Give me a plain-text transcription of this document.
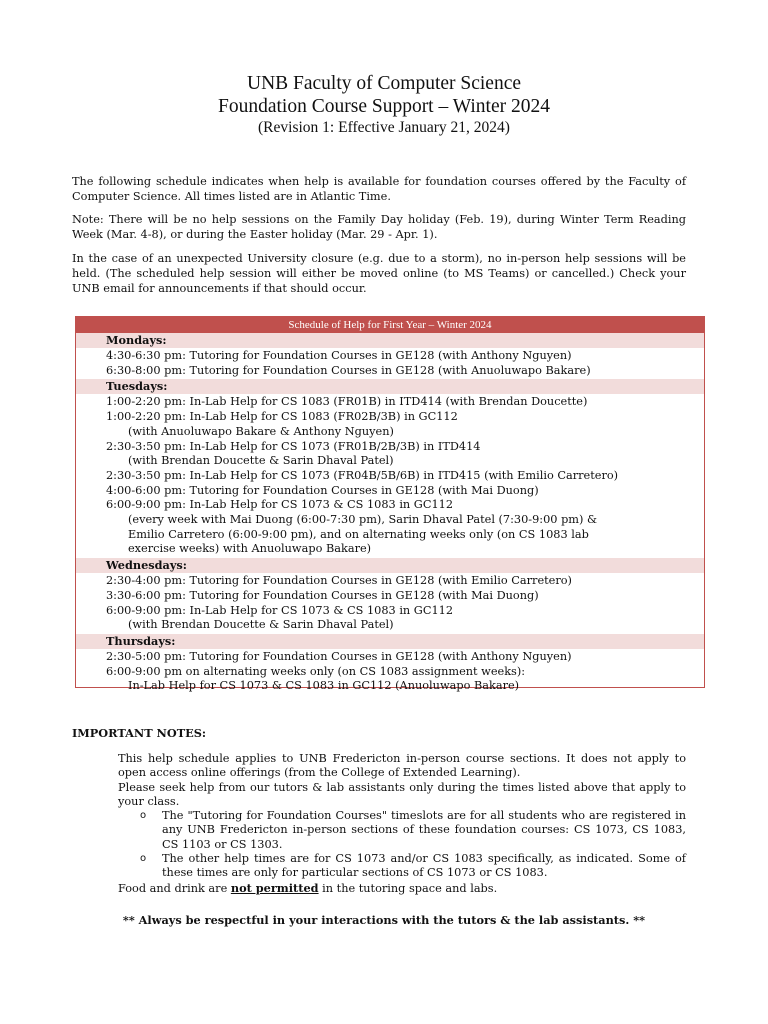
UNB Faculty of Computer Science
Foundation Course Support – Winter 2024
(Revision 1: Effective January 21, 2024)
The following schedule indicates when help is available for foundation courses offered by the Faculty of Computer Science. All times listed are in Atlantic Time.
Note: There will be no help sessions on the Family Day holiday (Feb. 19), during Winter Term Reading Week (Mar. 4-8), or during the Easter holiday (Mar. 29 - Apr. 1).
In the case of an unexpected University closure (e.g. due to a storm), no in-person help sessions will be held. (The scheduled help session will either be moved online (to MS Teams) or cancelled.) Check your UNB email for announcements if that should occur.
Schedule of Help for First Year – Winter 2024
Mondays:
4:30-6:30 pm: Tutoring for Foundation Courses in GE128 (with Anthony Nguyen)
6:30-8:00 pm: Tutoring for Foundation Courses in GE128 (with Anuoluwapo Bakare)
Tuesdays:
1:00-2:20 pm: In-Lab Help for CS 1083 (FR01B) in ITD414 (with Brendan Doucette)
1:00-2:20 pm: In-Lab Help for CS 1083 (FR02B/3B) in GC112
(with Anuoluwapo Bakare & Anthony Nguyen)
2:30-3:50 pm: In-Lab Help for CS 1073 (FR01B/2B/3B) in ITD414
(with Brendan Doucette & Sarin Dhaval Patel)
2:30-3:50 pm: In-Lab Help for CS 1073 (FR04B/5B/6B) in ITD415 (with Emilio Carretero)
4:00-6:00 pm: Tutoring for Foundation Courses in GE128 (with Mai Duong)
6:00-9:00 pm: In-Lab Help for CS 1073 & CS 1083 in GC112
(every week with Mai Duong (6:00-7:30 pm), Sarin Dhaval Patel (7:30-9:00 pm) &
Emilio Carretero (6:00-9:00 pm), and on alternating weeks only (on CS 1083 lab
exercise weeks) with Anuoluwapo Bakare)
Wednesdays:
2:30-4:00 pm: Tutoring for Foundation Courses in GE128 (with Emilio Carretero)
3:30-6:00 pm: Tutoring for Foundation Courses in GE128 (with Mai Duong)
6:00-9:00 pm: In-Lab Help for CS 1073 & CS 1083 in GC112
(with Brendan Doucette & Sarin Dhaval Patel)
Thursdays:
2:30-5:00 pm: Tutoring for Foundation Courses in GE128 (with Anthony Nguyen)
6:00-9:00 pm on alternating weeks only (on CS 1083 assignment weeks):
In-Lab Help for CS 1073 & CS 1083 in GC112 (Anuoluwapo Bakare)
IMPORTANT NOTES:
This help schedule applies to UNB Fredericton in-person course sections. It does not apply to open access online offerings (from the College of Extended Learning).
Please seek help from our tutors & lab assistants only during the times listed above that apply to your class.
o The "Tutoring for Foundation Courses" timeslots are for all students who are registered in any UNB Fredericton in-person sections of these foundation courses: CS 1073, CS 1083, CS 1103 or CS 1303.
o The other help times are for CS 1073 and/or CS 1083 specifically, as indicated. Some of these times are only for particular sections of CS 1073 or CS 1083.
Food and drink are not permitted in the tutoring space and labs.
** Always be respectful in your interactions with the tutors & the lab assistants. **
